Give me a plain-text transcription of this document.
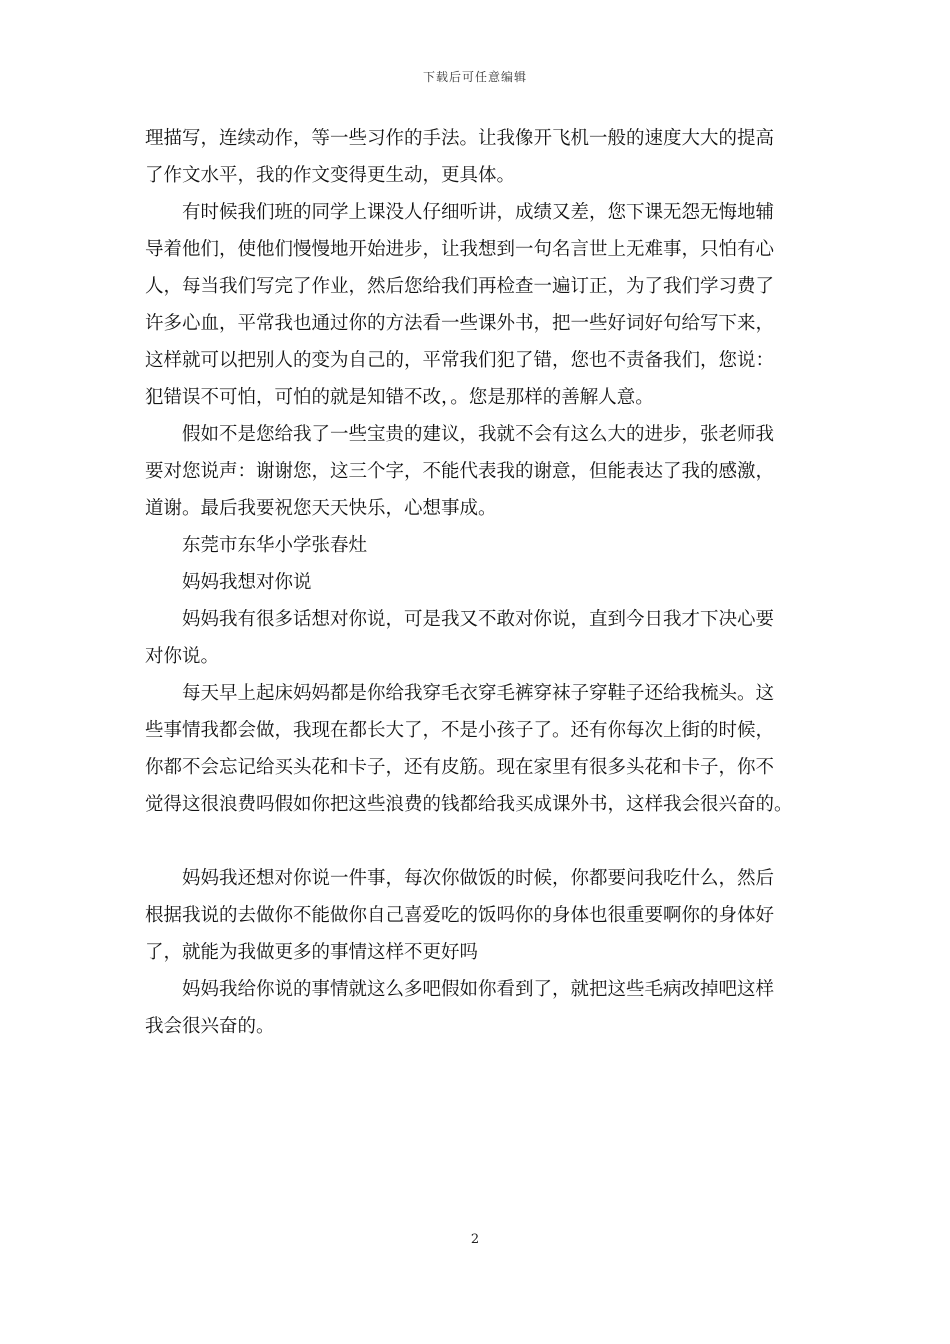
下载后可任意编辑
理描写，连续动作，等一些习作的手法。让我像开飞机一般的速度大大的提高
了作文水平，我的作文变得更生动，更具体。
有时候我们班的同学上课没人仔细听讲，成绩又差，您下课无怨无悔地辅
导着他们，使他们慢慢地开始进步，让我想到一句名言世上无难事，只怕有心
人，每当我们写完了作业，然后您给我们再检查一遍订正，为了我们学习费了
许多心血，平常我也通过你的方法看一些课外书，把一些好词好句给写下来，
这样就可以把别人的变为自己的，平常我们犯了错，您也不责备我们，您说：
犯错误不可怕，可怕的就是知错不改，。您是那样的善解人意。
假如不是您给我了一些宝贵的建议，我就不会有这么大的进步，张老师我
要对您说声：谢谢您，这三个字，不能代表我的谢意，但能表达了我的感激，
道谢。最后我要祝您天天快乐，心想事成。
东莞市东华小学张春灶
妈妈我想对你说
妈妈我有很多话想对你说，可是我又不敢对你说，直到今日我才下决心要
对你说。
每天早上起床妈妈都是你给我穿毛衣穿毛裤穿袜子穿鞋子还给我梳头。这
些事情我都会做，我现在都长大了，不是小孩子了。还有你每次上街的时候，
你都不会忘记给买头花和卡子，还有皮筋。现在家里有很多头花和卡子，你不
觉得这很浪费吗假如你把这些浪费的钱都给我买成课外书，这样我会很兴奋的。
妈妈我还想对你说一件事，每次你做饭的时候，你都要问我吃什么，然后
根据我说的去做你不能做你自己喜爱吃的饭吗你的身体也很重要啊你的身体好
了，就能为我做更多的事情这样不更好吗
妈妈我给你说的事情就这么多吧假如你看到了，就把这些毛病改掉吧这样
我会很兴奋的。
2
